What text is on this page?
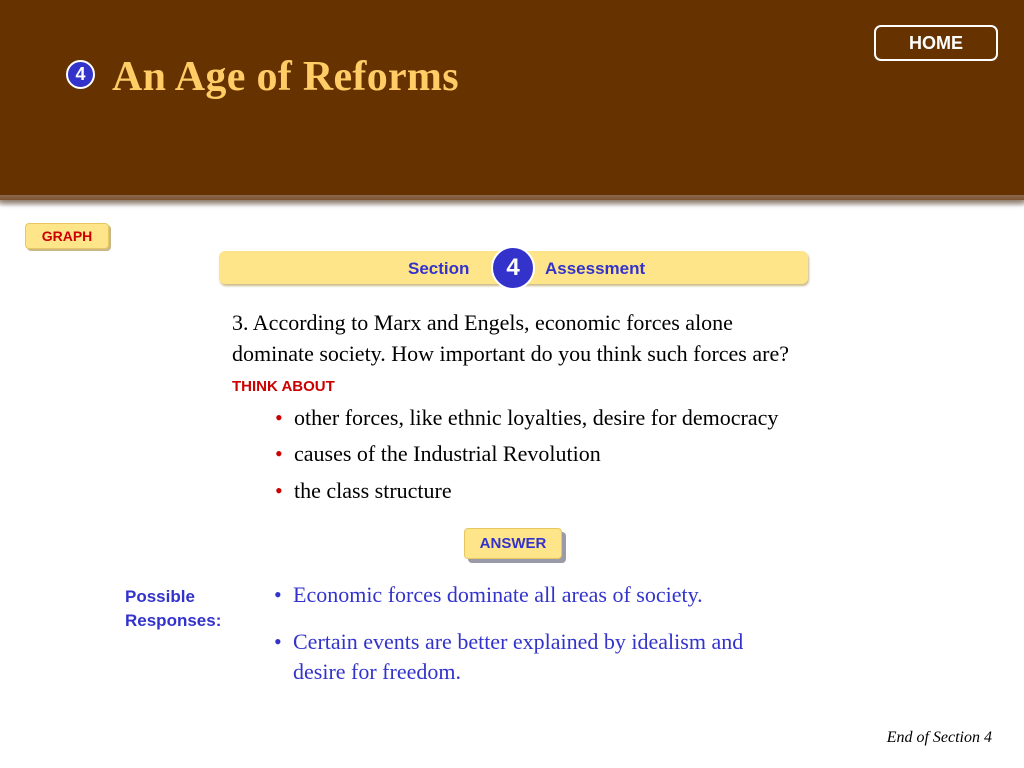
4 An Age of Reforms
HOME
GRAPH
Section	4	Assessment
3. According to Marx and Engels, economic forces alone dominate society. How important do you think such forces are? THINK ABOUT
• other forces, like ethnic loyalties, desire for democracy
• causes of the Industrial Revolution
• the class structure
ANSWER
Possible
Responses:
• Economic forces dominate all areas of society.
• Certain events are better explained by idealism and desire for freedom.
End of Section 4
